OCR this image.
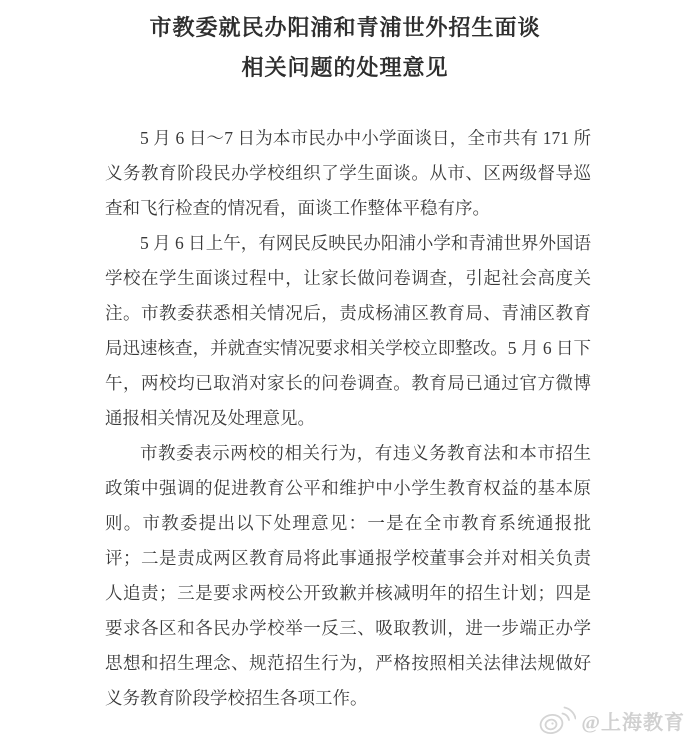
市教委就民办阳浦和青浦世外招生面谈
相关问题的处理意见

5 月 6 日～7 日为本市民办中小学面谈日，全市共有 171 所义务教育阶段民办学校组织了学生面谈。从市、区两级督导巡查和飞行检查的情况看，面谈工作整体平稳有序。

5 月 6 日上午，有网民反映民办阳浦小学和青浦世界外国语学校在学生面谈过程中，让家长做问卷调查，引起社会高度关注。市教委获悉相关情况后，责成杨浦区教育局、青浦区教育局迅速核查，并就查实情况要求相关学校立即整改。5 月 6 日下午，两校均已取消对家长的问卷调查。教育局已通过官方微博通报相关情况及处理意见。

市教委表示两校的相关行为，有违义务教育法和本市招生政策中强调的促进教育公平和维护中小学生教育权益的基本原则。市教委提出以下处理意见：一是在全市教育系统通报批评；二是责成两区教育局将此事通报学校董事会并对相关负责人追责；三是要求两校公开致歉并核减明年的招生计划；四是要求各区和各民办学校举一反三、吸取教训，进一步端正办学思想和招生理念、规范招生行为，严格按照相关法律法规做好义务教育阶段学校招生各项工作。

@上海教育
